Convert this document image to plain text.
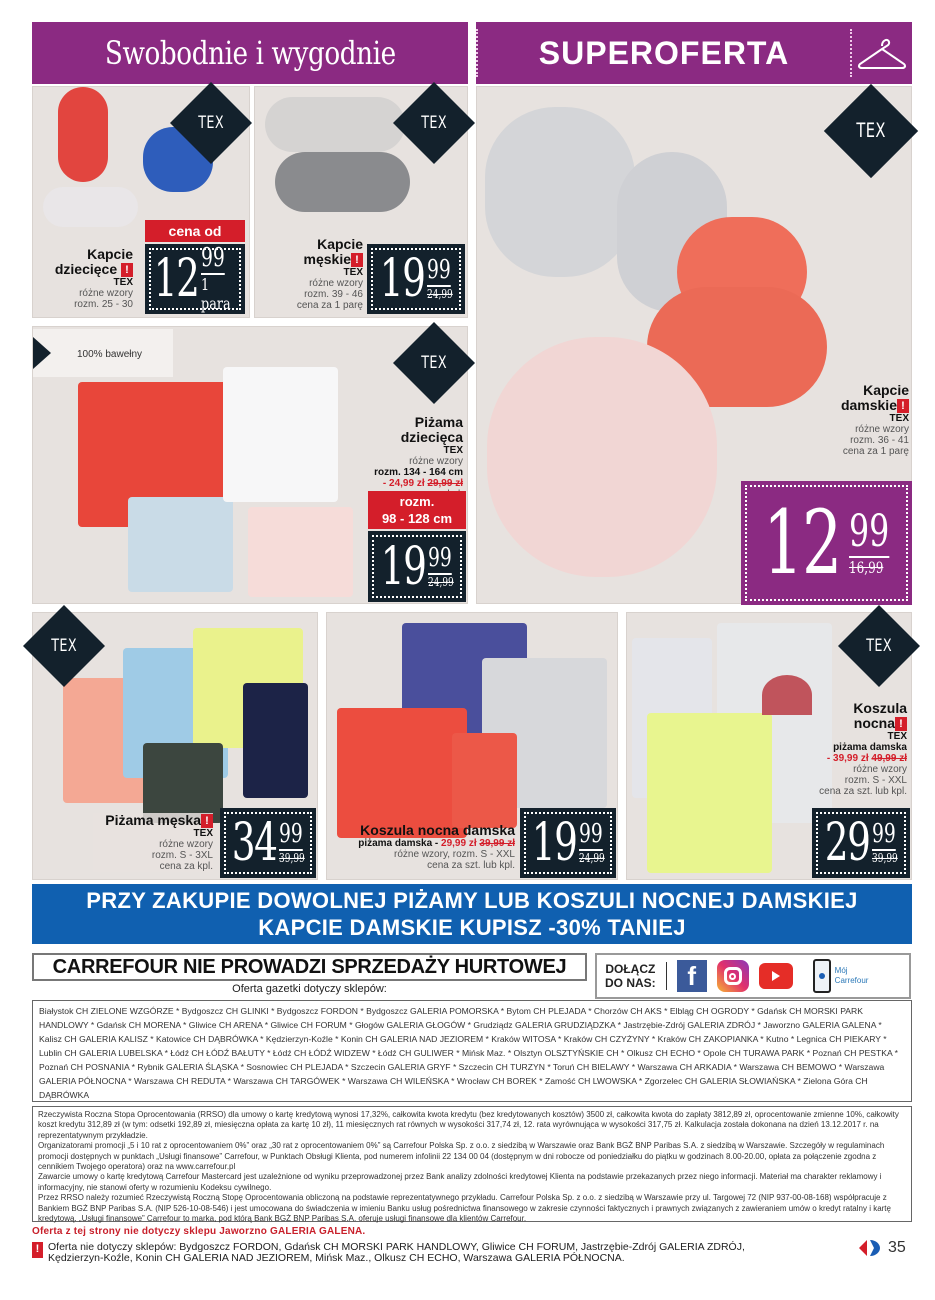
Swobodnie i wygodnie	SUPEROFERTA
Kapcie
dziecięce !
TEX
różne wzory
rozm. 25 - 30
TEX
cena od
12 99
1 para
Kapcie
męskie !
TEX
różne wzory
rozm. 39 - 46
cena za 1 parę
TEX
19 99
24,99
Kapcie
damskie !
TEX
różne wzory
rozm. 36 - 41
cena za 1 parę
TEX
12 99
16,99
100% bawełny
Piżama
dziecięca
TEX
różne wzory
rozm. 134 - 164 cm
- 24,99 zł 29,99 zł
TEX
rozm.
98 - 128 cm
19 99
24,99
Piżama męska !
TEX
różne wzory
rozm. S - 3XL
cena za kpl.
TEX
34 99
39,99
Koszula nocna damska
piżama damska - 29,99 zł 39,99 zł
różne wzory, rozm. S - XXL
cena za szt. lub kpl. 19 99
24,99
Koszula
nocna !
TEX
piżama damska
- 39,99 zł 49,99 zł
różne wzory
rozm. S - XXL
cena za szt. lub kpl.
TEX
29 99
39,99
PRZY ZAKUPIE DOWOLNEJ PIŻAMY LUB KOSZULI NOCNEJ DAMSKIEJ
KAPCIE DAMSKIE KUPISZ -30% TANIEJ
CARREFOUR NIE PROWADZI SPRZEDAŻY HURTOWEJ
Oferta gazetki dotyczy sklepów:
DOŁĄCZ
DO NAS:	f	Mój
Carrefour
Białystok CH ZIELONE WZGÓRZE * Bydgoszcz CH GLINKI * Bydgoszcz FORDON * Bydgoszcz GALERIA POMORSKA * Bytom CH PLEJADA * Chorzów CH AKS * Elbląg CH OGRODY * Gdańsk CH MORSKI PARK HANDLOWY * Gdańsk CH MORENA * Gliwice CH ARENA * Gliwice CH FORUM * Głogów GALERIA GŁOGÓW * Grudziądz GALERIA GRUDZIĄDZKA * Jastrzębie-Zdrój GALERIA ZDRÓJ * Jaworzno GALERIA GALENA * Kalisz CH GALERIA KALISZ * Katowice CH DĄBRÓWKA * Kędzierzyn-Koźle * Konin CH GALERIA NAD JEZIOREM * Kraków WITOSA * Kraków CH CZYŻYNY * Kraków CH ZAKOPIANKA * Kutno * Legnica CH PIEKARY * Lublin CH GALERIA LUBELSKA * Łódź CH ŁÓDŹ BAŁUTY * Łódź CH ŁÓDŹ WIDZEW * Łódź CH GULIWER * Mińsk Maz. * Olsztyn OLSZTYŃSKIE CH * Olkusz CH ECHO * Opole CH TURAWA PARK * Poznań CH PESTKA * Poznań CH POSNANIA * Rybnik GALERIA ŚLĄSKA * Sosnowiec CH PLEJADA * Szczecin GALERIA GRYF * Szczecin CH TURZYN * Toruń CH BIELAWY * Warszawa CH ARKADIA * Warszawa CH BEMOWO * Warszawa GALERIA PÓŁNOCNA * Warszawa CH REDUTA * Warszawa CH TARGÓWEK * Warszawa CH WILEŃSKA * Wrocław CH BOREK * Zamość CH LWOWSKA * Zgorzelec CH GALERIA SŁOWIAŃSKA * Zielona Góra CH DĄBRÓWKA
Rzeczywista Roczna Stopa Oprocentowania (RRSO) dla umowy o kartę kredytową wynosi 17,32%, całkowita kwota kredytu (bez kredytowanych kosztów) 3500 zł, całkowita kwota do zapłaty 3812,89 zł, oprocentowanie zmienne 10%, całkowity koszt kredytu 312,89 zł (w tym: odsetki 192,89 zł, miesięczna opłata za kartę 10 zł), 11 miesięcznych rat równych w wysokości 317,74 zł, 12. rata wyrównująca w wysokości 317,75 zł. Kalkulacja została dokonana na dzień 13.12.2017 r. na reprezentatywnym przykładzie.
Organizatorami promocji „5 i 10 rat z oprocentowaniem 0%” oraz „30 rat z oprocentowaniem 0%” są Carrefour Polska Sp. z o.o. z siedzibą w Warszawie oraz Bank BGŻ BNP Paribas S.A. z siedzibą w Warszawie. Szczegóły w regulaminach promocji dostępnych w punktach „Usługi finansowe” Carrefour, w Punktach Obsługi Klienta, pod numerem infolinii 22 134 00 04 (dostępnym w dni robocze od poniedziałku do piątku w godzinach 8.00-20.00, opłata za połączenie zgodna z cennikiem Twojego operatora) oraz na www.carrefour.pl
Zawarcie umowy o kartę kredytową Carrefour Mastercard jest uzależnione od wyniku przeprowadzonej przez Bank analizy zdolności kredytowej Klienta na podstawie przekazanych przez niego informacji. Materiał ma charakter reklamowy i informacyjny, nie stanowi oferty w rozumieniu Kodeksu cywilnego.
Przez RRSO należy rozumieć Rzeczywistą Roczną Stopę Oprocentowania obliczoną na podstawie reprezentatywnego przykładu. Carrefour Polska Sp. z o.o. z siedzibą w Warszawie przy ul. Targowej 72 (NIP 937-00-08-168) współpracuje z Bankiem BGŻ BNP Paribas S.A. (NIP 526-10-08-546) i jest umocowana do świadczenia w imieniu Banku usług pośrednictwa finansowego w zakresie czynności faktycznych i prawnych związanych z zawieraniem umów o kredyt ratalny i kartę kredytową. „Usługi finansowe” Carrefour to marka, pod którą Bank BGŻ BNP Paribas S.A. oferuje usługi finansowe dla klientów Carrefour.
Oferta z tej strony nie dotyczy sklepu Jaworzno GALERIA GALENA.
! Oferta nie dotyczy sklepów: Bydgoszcz FORDON, Gdańsk CH MORSKI PARK HANDLOWY, Gliwice CH FORUM, Jastrzębie-Zdrój GALERIA ZDRÓJ,
Kędzierzyn-Koźle, Konin CH GALERIA NAD JEZIOREM, Mińsk Maz., Olkusz CH ECHO, Warszawa GALERIA PÓŁNOCNA.
35
